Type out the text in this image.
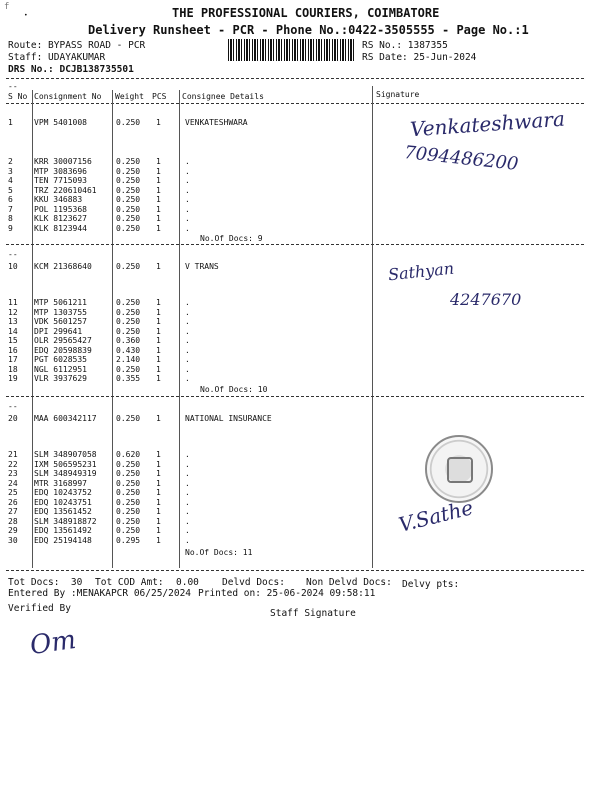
f
•	THE PROFESSIONAL COURIERS, COIMBATORE
Delivery Runsheet - PCR - Phone No.:0422-3505555 - Page No.:1
Route: BYPASS ROAD - PCR
Staff: UDAYAKUMAR
DRS No.: DCJB138735501
RS No.: 1387355
RS Date: 25-Jun-2024
--
S No Consignment No Weight PCS Consignee Details	Signature
1	VPM 5401008	0.250 1	VENKATESHWARA
2	KRR 30007156	0.250 1	.
3	MTP 3083696	0.250 1	.
4	TEN 7715093	0.250 1	.
5	TRZ 220610461 0.250 1	.
6	KKU 346883	0.250 1	.
7	POL 1195368	0.250 1	.
8	KLK 8123627	0.250 1	.
9	KLK 8123944	0.250 1	.
No.Of Docs: 9
--
10 KCM 21368640	0.250 1	V TRANS
11 MTP 5061211	0.250 1	.
12 MTP 1303755	0.250 1	.
13 VDK 5601257	0.250 1	.
14 DPI 299641	0.250 1	.
15 OLR 29565427	0.360 1	.
16 EDQ 20598839	0.430 1	.
17 PGT 6028535	2.140 1	.
18 NGL 6112951	0.250 1	.
19 VLR 3937629	0.355 1	.
No.Of Docs: 10
--
20 MAA 600342117 0.250 1	NATIONAL INSURANCE
21 SLM 348907058 0.620 1	.
22 IXM 506595231 0.250 1	.
23 SLM 348949319 0.250 1	.
24 MTR 3168997	0.250 1	.
25 EDQ 10243752	0.250 1	.
26 EDQ 10243751	0.250 1	.
27 EDQ 13561452	0.250 1	.
28 SLM 348918872 0.250 1	.
29 EDQ 13561492	0.250 1	.
30 EDQ 25194148	0.295 1	.
No.Of Docs: 11
Venkateshwara
7094486200
Sathyan
4247670
V.Sathe
Tot Docs:  30 Tot COD Amt: 0.00 Delvd Docs: Non Delvd Docs: Delvy pts:
Entered By :MENAKAPCR 06/25/2024 Printed on: 25-06-2024 09:58:11
Verified By	Staff Signature
Om
